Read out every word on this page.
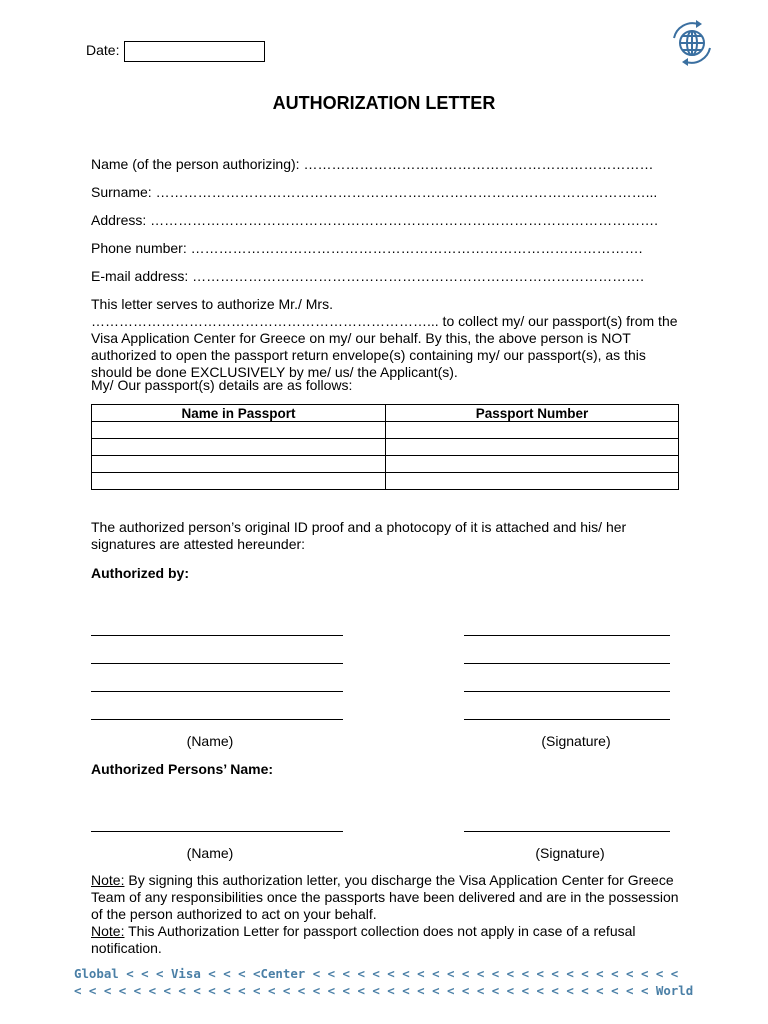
Date:
AUTHORIZATION LETTER
Name (of the person authorizing): …………………………………………………………………
Surname: ……………………………………………………………………………………………...
Address: ……………………………………………………………………………………………….
Phone number: …………………………………………………………………………………….
E-mail address: …………………………………………………………………………………….
This letter serves to authorize Mr./ Mrs. ………………………………………………………………... to collect my/ our passport(s) from the Visa Application Center for Greece on my/ our behalf. By this, the above person is NOT authorized to open the passport return envelope(s) containing my/ our passport(s), as this should be done EXCLUSIVELY by me/ us/ the Applicant(s).
My/ Our passport(s) details are as follows:
Name in Passport	Passport Number

The authorized person’s original ID proof and a photocopy of it is attached and his/ her signatures are attested hereunder:
Authorized by:
(Name)	(Signature)
Authorized Persons’ Name:
(Name)	(Signature)
Note: By signing this authorization letter, you discharge the Visa Application Center for Greece Team of any responsibilities once the passports have been delivered and are in the possession of the person authorized to act on your behalf.
Note: This Authorization Letter for passport collection does not apply in case of a refusal notification.
Global < < < Visa < < < <Center < < < < < < < < < < < < < < < < < < < < < < < < <
< < < < < < < < < < < < < < < < < < < < < < < < < < < < < < < < < < < < < < < World
